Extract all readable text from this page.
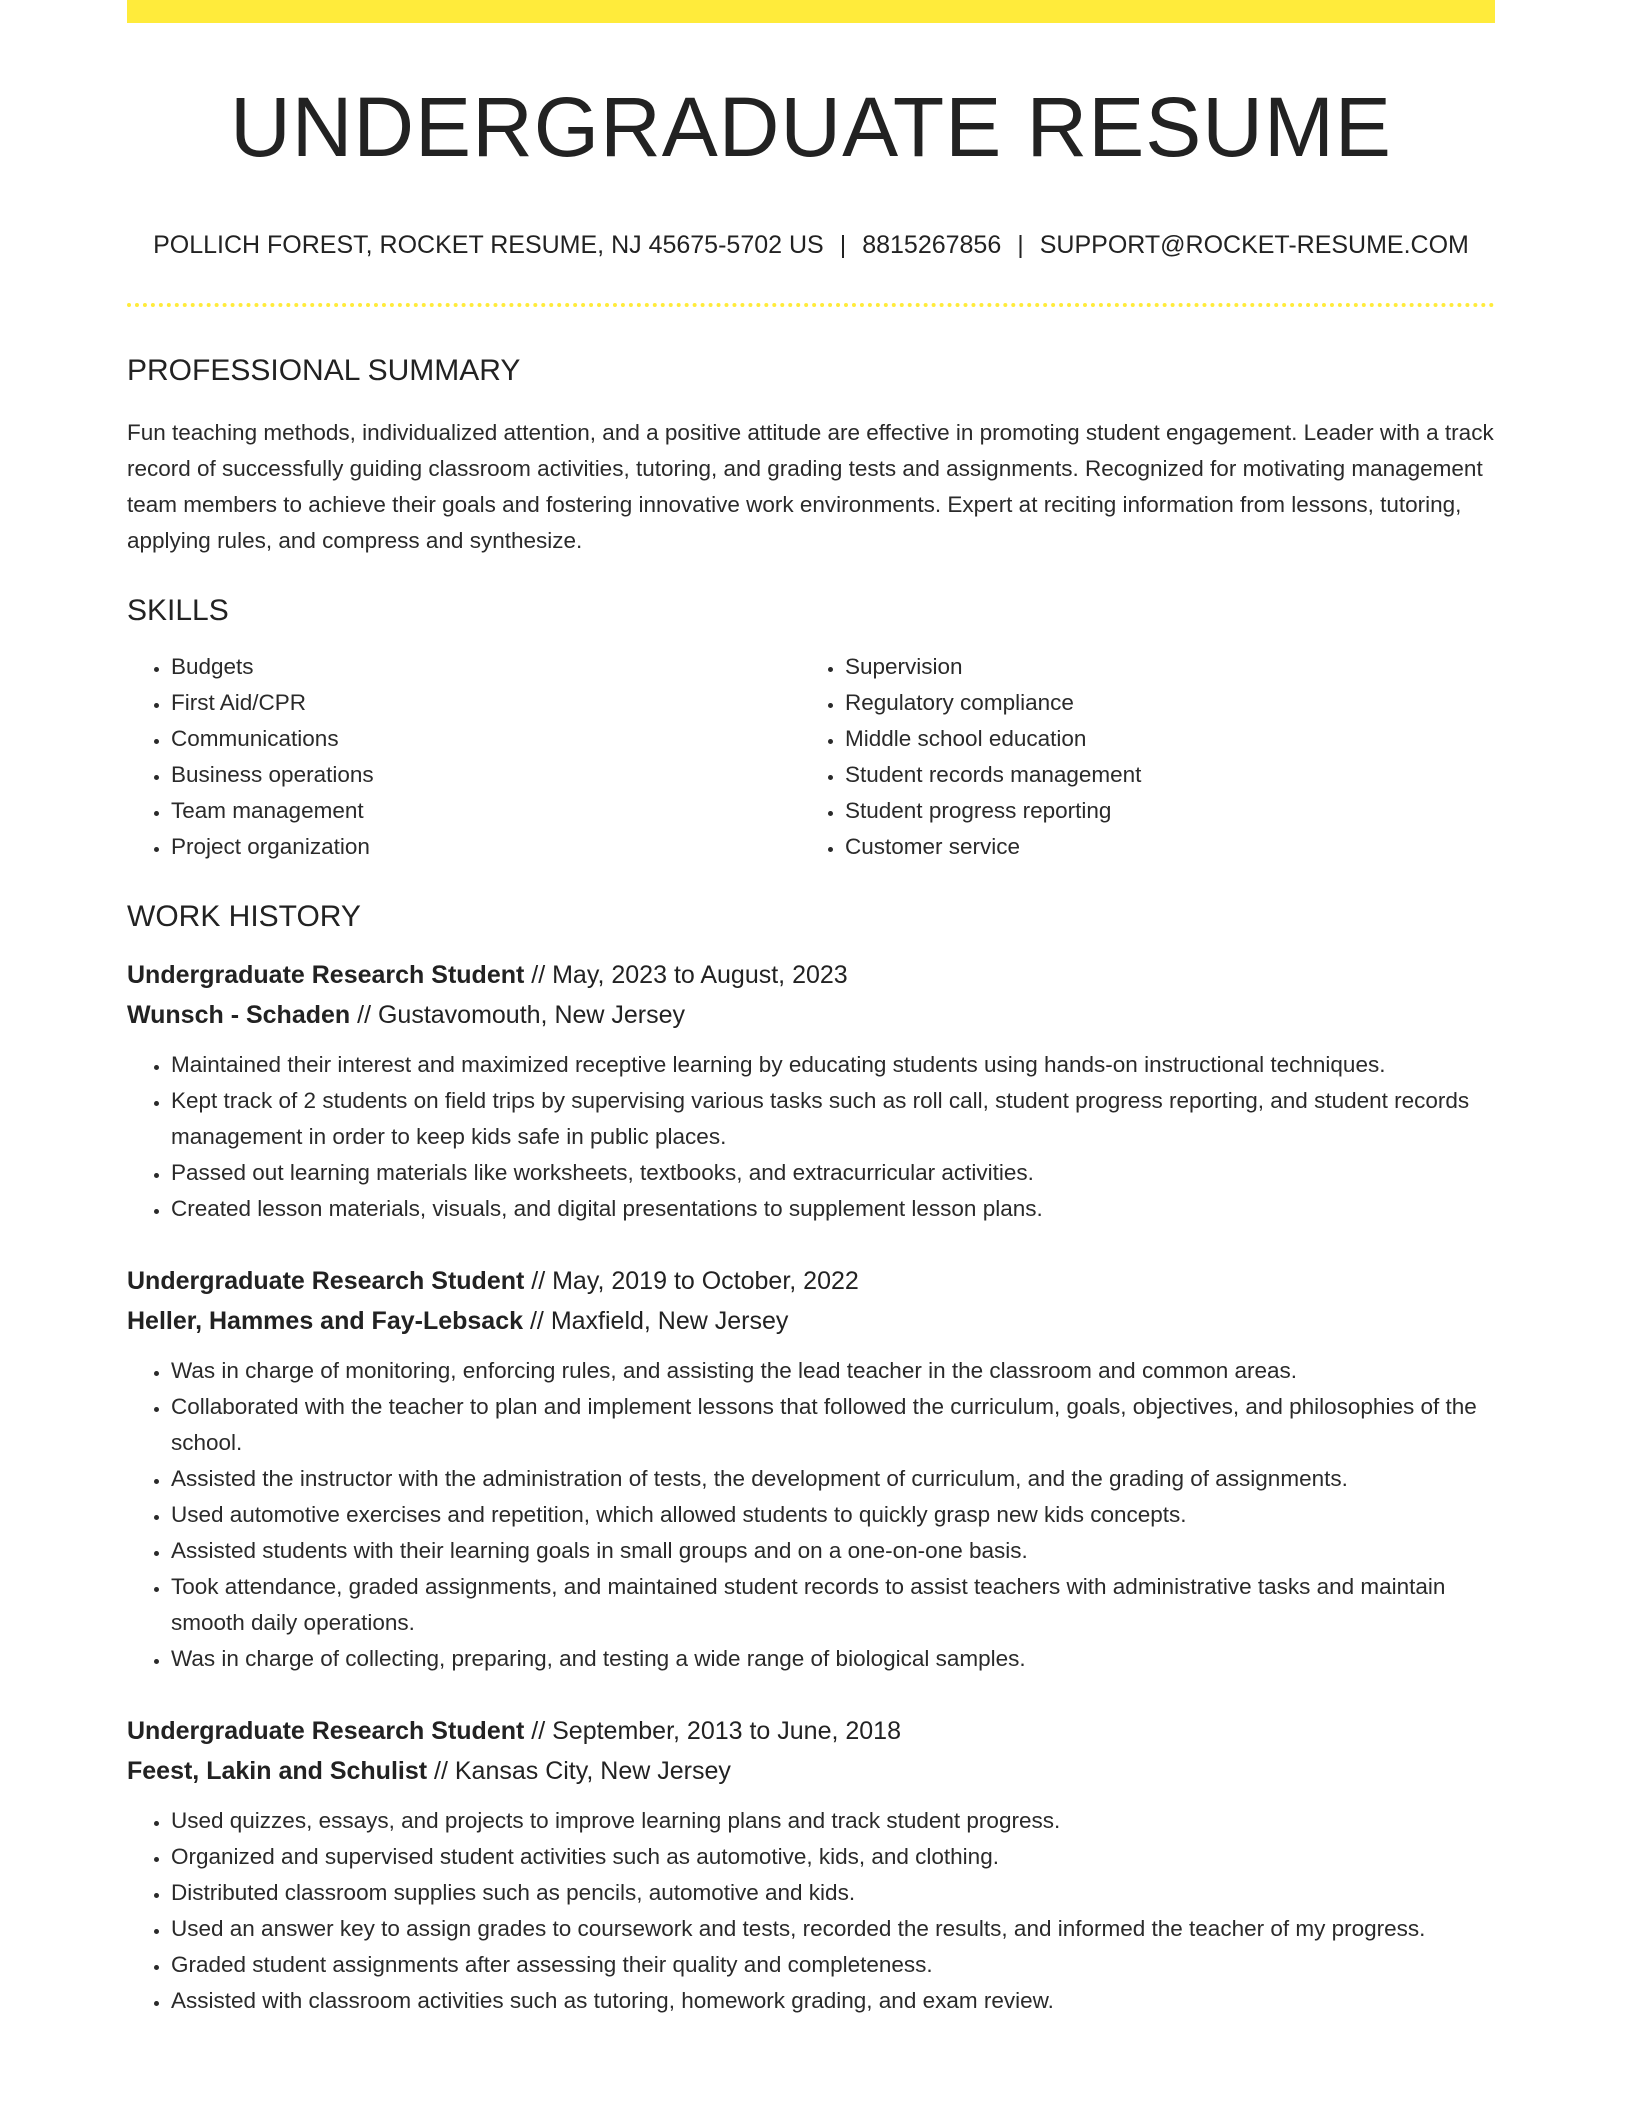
UNDERGRADUATE RESUME
POLLICH FOREST, ROCKET RESUME, NJ 45675-5702 US | 8815267856 | SUPPORT@ROCKET-RESUME.COM
PROFESSIONAL SUMMARY

Fun teaching methods, individualized attention, and a positive attitude are effective in promoting student engagement. Leader with a track record of successfully guiding classroom activities, tutoring, and grading tests and assignments. Recognized for motivating management team members to achieve their goals and fostering innovative work environments. Expert at reciting information from lessons, tutoring, applying rules, and compress and synthesize.

SKILLS
• Budgets
• First Aid/CPR
• Communications
• Business operations
• Team management
• Project organization
• Supervision
• Regulatory compliance
• Middle school education
• Student records management
• Student progress reporting
• Customer service
WORK HISTORY
Undergraduate Research Student // May, 2023 to August, 2023
Wunsch - Schaden // Gustavomouth, New Jersey
• Maintained their interest and maximized receptive learning by educating students using hands-on instructional techniques.
• Kept track of 2 students on field trips by supervising various tasks such as roll call, student progress reporting, and student records management in order to keep kids safe in public places.
• Passed out learning materials like worksheets, textbooks, and extracurricular activities.
• Created lesson materials, visuals, and digital presentations to supplement lesson plans.
Undergraduate Research Student // May, 2019 to October, 2022
Heller, Hammes and Fay-Lebsack // Maxfield, New Jersey
• Was in charge of monitoring, enforcing rules, and assisting the lead teacher in the classroom and common areas.
• Collaborated with the teacher to plan and implement lessons that followed the curriculum, goals, objectives, and philosophies of the school.
• Assisted the instructor with the administration of tests, the development of curriculum, and the grading of assignments.
• Used automotive exercises and repetition, which allowed students to quickly grasp new kids concepts.
• Assisted students with their learning goals in small groups and on a one-on-one basis.
• Took attendance, graded assignments, and maintained student records to assist teachers with administrative tasks and maintain smooth daily operations.
• Was in charge of collecting, preparing, and testing a wide range of biological samples.
Undergraduate Research Student // September, 2013 to June, 2018
Feest, Lakin and Schulist // Kansas City, New Jersey
• Used quizzes, essays, and projects to improve learning plans and track student progress.
• Organized and supervised student activities such as automotive, kids, and clothing.
• Distributed classroom supplies such as pencils, automotive and kids.
• Used an answer key to assign grades to coursework and tests, recorded the results, and informed the teacher of my progress.
• Graded student assignments after assessing their quality and completeness.
• Assisted with classroom activities such as tutoring, homework grading, and exam review.
